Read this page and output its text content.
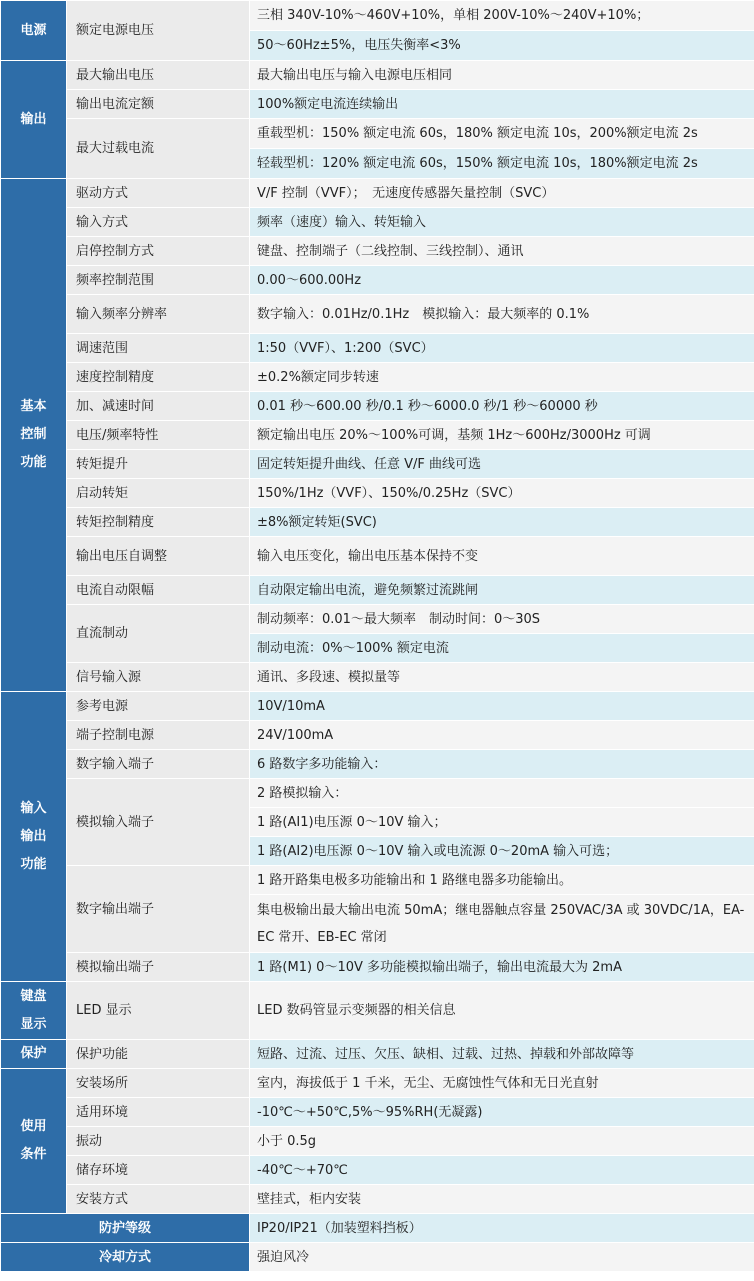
电源	额定电源电压	三相 340V-10%～460V+10%，单相 200V-10%～240V+10%；
		50～60Hz±5%，电压失衡率<3%
输出	最大输出电压	最大输出电压与输入电源电压相同
	输出电流定额	100%额定电流连续输出
	最大过载电流	重载型机：150% 额定电流 60s，180% 额定电流 10s，200%额定电流 2s
		轻载型机：120% 额定电流 60s，150% 额定电流 10s，180%额定电流 2s

基本控制功能	驱动方式	V/F 控制（VVF）；　无速度传感器矢量控制（SVC）
	输入方式	频率（速度）输入、转矩输入
	启停控制方式	键盘、控制端子（二线控制、三线控制）、通讯
	频率控制范围	0.00～600.00Hz
	输入频率分辨率	数字输入：0.01Hz/0.1Hz　模拟输入：最大频率的 0.1%
	调速范围	1:50（VVF）、1:200（SVC）
	速度控制精度	±0.2%额定同步转速
	加、减速时间	0.01 秒～600.00 秒/0.1 秒～6000.0 秒/1 秒～60000 秒
	电压/频率特性	额定输出电压 20%～100%可调，基频 1Hz～600Hz/3000Hz 可调
	转矩提升	固定转矩提升曲线、任意 V/F 曲线可选
	启动转矩	150%/1Hz（VVF）、150%/0.25Hz（SVC）
	转矩控制精度	±8%额定转矩(SVC)
	输出电压自调整	输入电压变化，输出电压基本保持不变
	电流自动限幅	自动限定输出电流，避免频繁过流跳闸
	直流制动	制动频率：0.01～最大频率　制动时间：0～30S
		制动电流：0%～100% 额定电流
	信号输入源	通讯、多段速、模拟量等

输入输出功能	参考电源	10V/10mA
	端子控制电源	24V/100mA
	数字输入端子	6 路数字多功能输入：
	模拟输入端子	2 路模拟输入：
		1 路(AI1)电压源 0～10V 输入；
		1 路(AI2)电压源 0～10V 输入或电流源 0～20mA 输入可选；
	数字输出端子	1 路开路集电极多功能输出和 1 路继电器多功能输出。
		集电极输出最大输出电流 50mA；继电器触点容量 250VAC/3A 或 30VDC/1A，EA-EC 常开、EB-EC 常闭
	模拟输出端子	1 路(M1) 0～10V 多功能模拟输出端子，输出电流最大为 2mA

键盘显示	LED 显示	LED 数码管显示变频器的相关信息
保护	保护功能	短路、过流、过压、欠压、缺相、过载、过热、掉载和外部故障等
使用条件	安装场所	室内，海拔低于 1 千米，无尘、无腐蚀性气体和无日光直射
	适用环境	-10℃～+50℃,5%～95%RH(无凝露)
	振动	小于 0.5g
	储存环境	-40℃～+70℃
	安装方式	壁挂式，柜内安装
防护等级		IP20/IP21（加装塑料挡板）
冷却方式		强迫风冷
